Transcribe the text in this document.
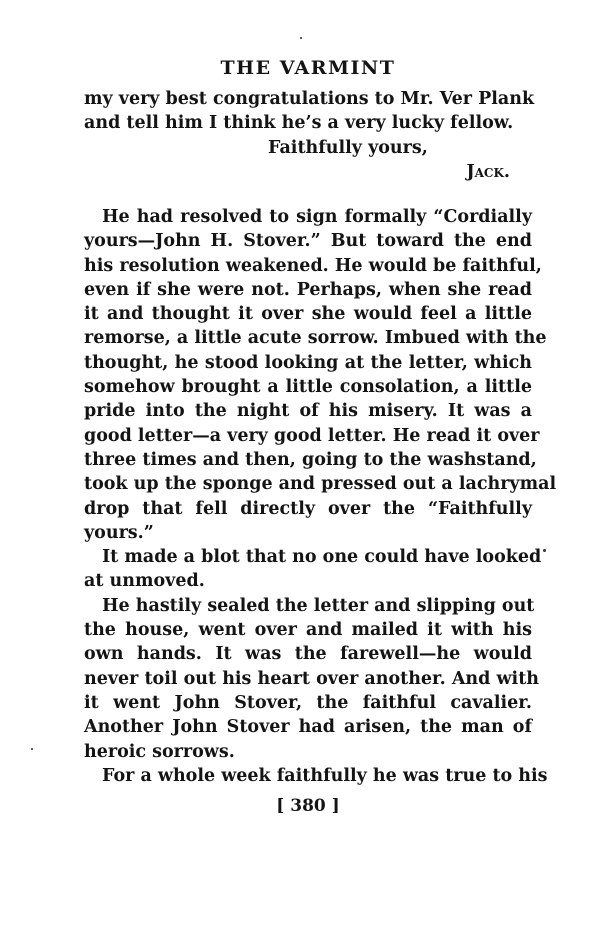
THE VARMINT
my very best congratulations to Mr. Ver Plank
and tell him I think he’s a very lucky fellow.
Faithfully yours,
Jack.
He had resolved to sign formally “Cordially
yours—John H. Stover.” But toward the end
his resolution weakened. He would be faithful,
even if she were not. Perhaps, when she read
it and thought it over she would feel a little
remorse, a little acute sorrow. Imbued with the
thought, he stood looking at the letter, which
somehow brought a little consolation, a little
pride into the night of his misery. It was a
good letter—a very good letter. He read it over
three times and then, going to the washstand,
took up the sponge and pressed out a lachrymal
drop that fell directly over the “Faithfully
yours.”
It made a blot that no one could have looked
at unmoved.
He hastily sealed the letter and slipping out
the house, went over and mailed it with his
own hands. It was the farewell—he would
never toil out his heart over another. And with
it went John Stover, the faithful cavalier.
Another John Stover had arisen, the man of
heroic sorrows.
For a whole week faithfully he was true to his
[ 380 ]
